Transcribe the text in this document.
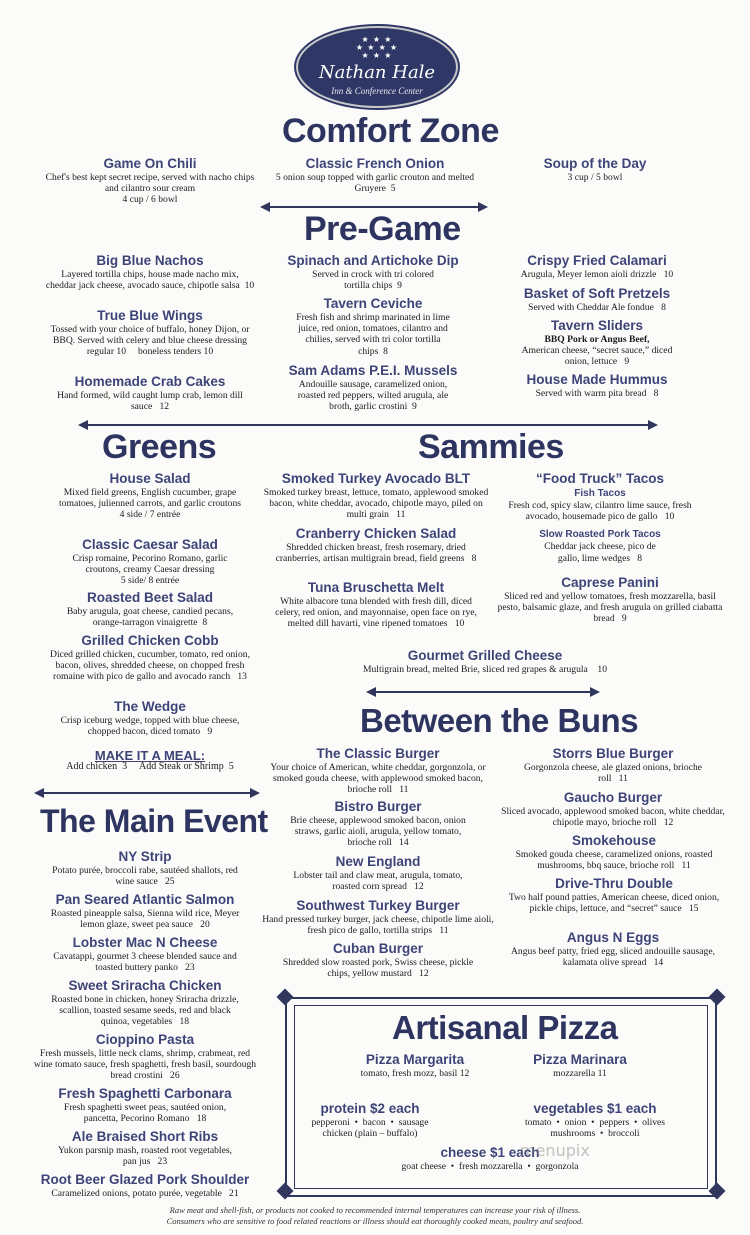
★ ★ ★
★ ★ ★ ★
★ ★ ★
Nathan Hale
Inn & Conference Center
Comfort Zone
Game On Chili
Chef's best kept secret recipe, served with nacho chips and cilantro sour cream
4 cup / 6 bowl
Classic French Onion
5 onion soup topped with garlic crouton and melted Gruyere 5
Soup of the Day
3 cup / 5 bowl
Pre-Game
Big Blue Nachos
Layered tortilla chips, house made nacho mix, cheddar jack cheese, avocado sauce, chipotle salsa 10
True Blue Wings
Tossed with your choice of buffalo, honey Dijon, or BBQ. Served with celery and blue cheese dressing
regular 10     boneless tenders 10
Homemade Crab Cakes
Hand formed, wild caught lump crab, lemon dill sauce 12
Spinach and Artichoke Dip
Served in crock with tri colored tortilla chips 9
Tavern Ceviche
Fresh fish and shrimp marinated in lime juice, red onion, tomatoes, cilantro and chilies, served with tri color tortilla chips 8
Sam Adams P.E.I. Mussels
Andouille sausage, caramelized onion, roasted red peppers, wilted arugula, ale broth, garlic crostini 9
Crispy Fried Calamari
Arugula, Meyer lemon aioli drizzle 10
Basket of Soft Pretzels
Served with Cheddar Ale fondue 8
Tavern Sliders
BBQ Pork or Angus Beef,
American cheese, “secret sauce,” diced onion, lettuce 9
House Made Hummus
Served with warm pita bread 8
Greens
House Salad
Mixed field greens, English cucumber, grape tomatoes, julienned carrots, and garlic croutons
4 side / 7 entrée
Classic Caesar Salad
Crisp romaine, Pecorino Romano, garlic croutons, creamy Caesar dressing
5 side/ 8 entrée
Roasted Beet Salad
Baby arugula, goat cheese, candied pecans, orange-tarragon vinaigrette 8
Grilled Chicken Cobb
Diced grilled chicken, cucumber, tomato, red onion, bacon, olives, shredded cheese, on chopped fresh romaine with pico de gallo and avocado ranch 13
The Wedge
Crisp iceburg wedge, topped with blue cheese, chopped bacon, diced tomato 9
MAKE IT A MEAL:
Add chicken  3     Add Steak or Shrimp  5
Sammies
Smoked Turkey Avocado BLT
Smoked turkey breast, lettuce, tomato, applewood smoked bacon, white cheddar, avocado, chipotle mayo, piled on multi grain 11
Cranberry Chicken Salad
Shredded chicken breast, fresh rosemary, dried cranberries, artisan multigrain bread, field greens 8
Tuna Bruschetta Melt
White albacore tuna blended with fresh dill, diced celery, red onion, and mayonnaise, open face on rye, melted dill havarti, vine ripened tomatoes 10
“Food Truck” Tacos
Fish Tacos
Fresh cod, spicy slaw, cilantro lime sauce, fresh avocado, housemade pico de gallo 10
Slow Roasted Pork Tacos
Cheddar jack cheese, pico de gallo, lime wedges 8
Caprese Panini
Sliced red and yellow tomatoes, fresh mozzarella, basil pesto, balsamic glaze, and fresh arugula on grilled ciabatta bread 9
Gourmet Grilled Cheese
Multigrain bread, melted Brie, sliced red grapes & arugula 10
Between the Buns
The Classic Burger
Your choice of American, white cheddar, gorgonzola, or smoked gouda cheese, with applewood smoked bacon, brioche roll 11
Bistro Burger
Brie cheese, applewood smoked bacon, onion straws, garlic aioli, arugula, yellow tomato, brioche roll 14
New England
Lobster tail and claw meat, arugula, tomato, roasted corn spread 12
Southwest Turkey Burger
Hand pressed turkey burger, jack cheese, chipotle lime aioli, fresh pico de gallo, tortilla strips 11
Cuban Burger
Shredded slow roasted pork, Swiss cheese, pickle chips, yellow mustard 12
Storrs Blue Burger
Gorgonzola cheese, ale glazed onions, brioche roll 11
Gaucho Burger
Sliced avocado, applewood smoked bacon, white cheddar, chipotle mayo, brioche roll 12
Smokehouse
Smoked gouda cheese, caramelized onions, roasted mushrooms, bbq sauce, brioche roll 11
Drive-Thru Double
Two half pound patties, American cheese, diced onion, pickle chips, lettuce, and “secret” sauce 15
Angus N Eggs
Angus beef patty, fried egg, sliced andouille sausage, kalamata olive spread 14
The Main Event
NY Strip
Potato purée, broccoli rabe, sautéed shallots, red wine sauce 25
Pan Seared Atlantic Salmon
Roasted pineapple salsa, Sienna wild rice, Meyer lemon glaze, sweet pea sauce 20
Lobster Mac N Cheese
Cavatappi, gourmet 3 cheese blended sauce and toasted buttery panko 23
Sweet Sriracha Chicken
Roasted bone in chicken, honey Sriracha drizzle, scallion, toasted sesame seeds, red and black quinoa, vegetables 18
Cioppino Pasta
Fresh mussels, little neck clams, shrimp, crabmeat, red wine tomato sauce, fresh spaghetti, fresh basil, sourdough bread crostini 26
Fresh Spaghetti Carbonara
Fresh spaghetti sweet peas, sautéed onion, pancetta, Pecorino Romano 18
Ale Braised Short Ribs
Yukon parsnip mash, roasted root vegetables, pan jus 23
Root Beer Glazed Pork Shoulder
Caramelized onions, potato purée, vegetable 21
Artisanal Pizza
Pizza Margarita
tomato, fresh mozz, basil 12
Pizza Marinara
mozzarella 11
protein $2 each
pepperoni  •  bacon  •  sausage
chicken (plain – buffalo)
vegetables $1 each
tomato  •  onion  •  peppers  •  olives
mushrooms  •  broccoli
cheese $1 each
goat cheese  •  fresh mozzarella  •  gorgonzola
menupix
Raw meat and shell-fish, or products not cooked to recommended internal temperatures can increase your risk of illness.
Consumers who are sensitive to food related reactions or illness should eat thoroughly cooked meats, poultry and seafood.
